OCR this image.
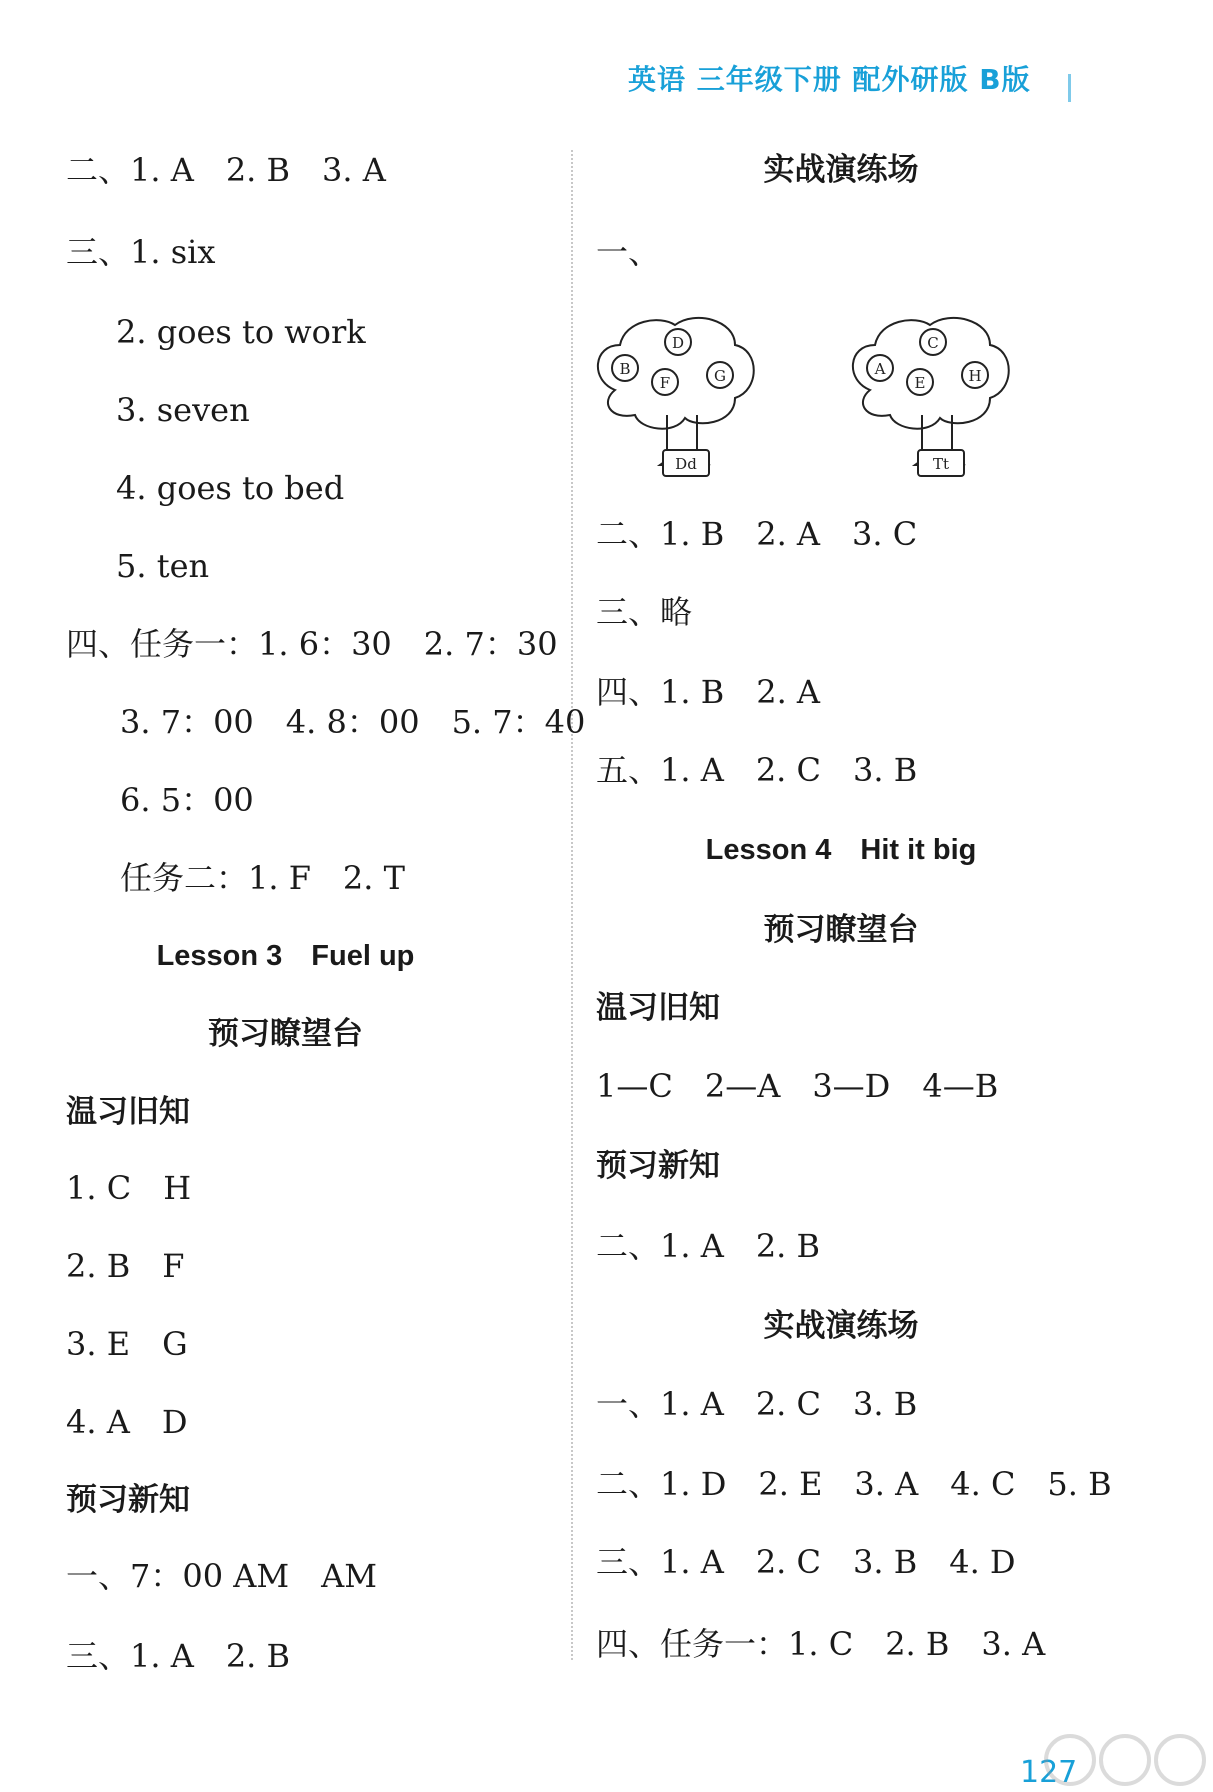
英语 三年级下册 配外研版 B版
二、1. A　2. B　3. A
三、1. six
2. goes to work
3. seven
4. goes to bed
5. ten
四、任务一：1. 6：30　2. 7：30
3. 7：00　4. 8：00　5. 7：40
6. 5：00
任务二：1. F　2. T
Lesson 3　Fuel up
预习瞭望台
温习旧知
1. C　H
2. B　F
3. E　G
4. A　D
预习新知
一、7：00 AM　AM
三、1. A　2. B
实战演练场
一、
Dd
B
D
F	G
Tt
A
C
E	H
二、1. B　2. A　3. C
三、略
四、1. B　2. A
五、1. A　2. C　3. B
Lesson 4　Hit it big
预习瞭望台
温习旧知
1—C　2—A　3—D　4—B
预习新知
二、1. A　2. B
实战演练场
一、1. A　2. C　3. B
二、1. D　2. E　3. A　4. C　5. B
三、1. A　2. C　3. B　4. D
四、任务一：1. C　2. B　3. A
127
